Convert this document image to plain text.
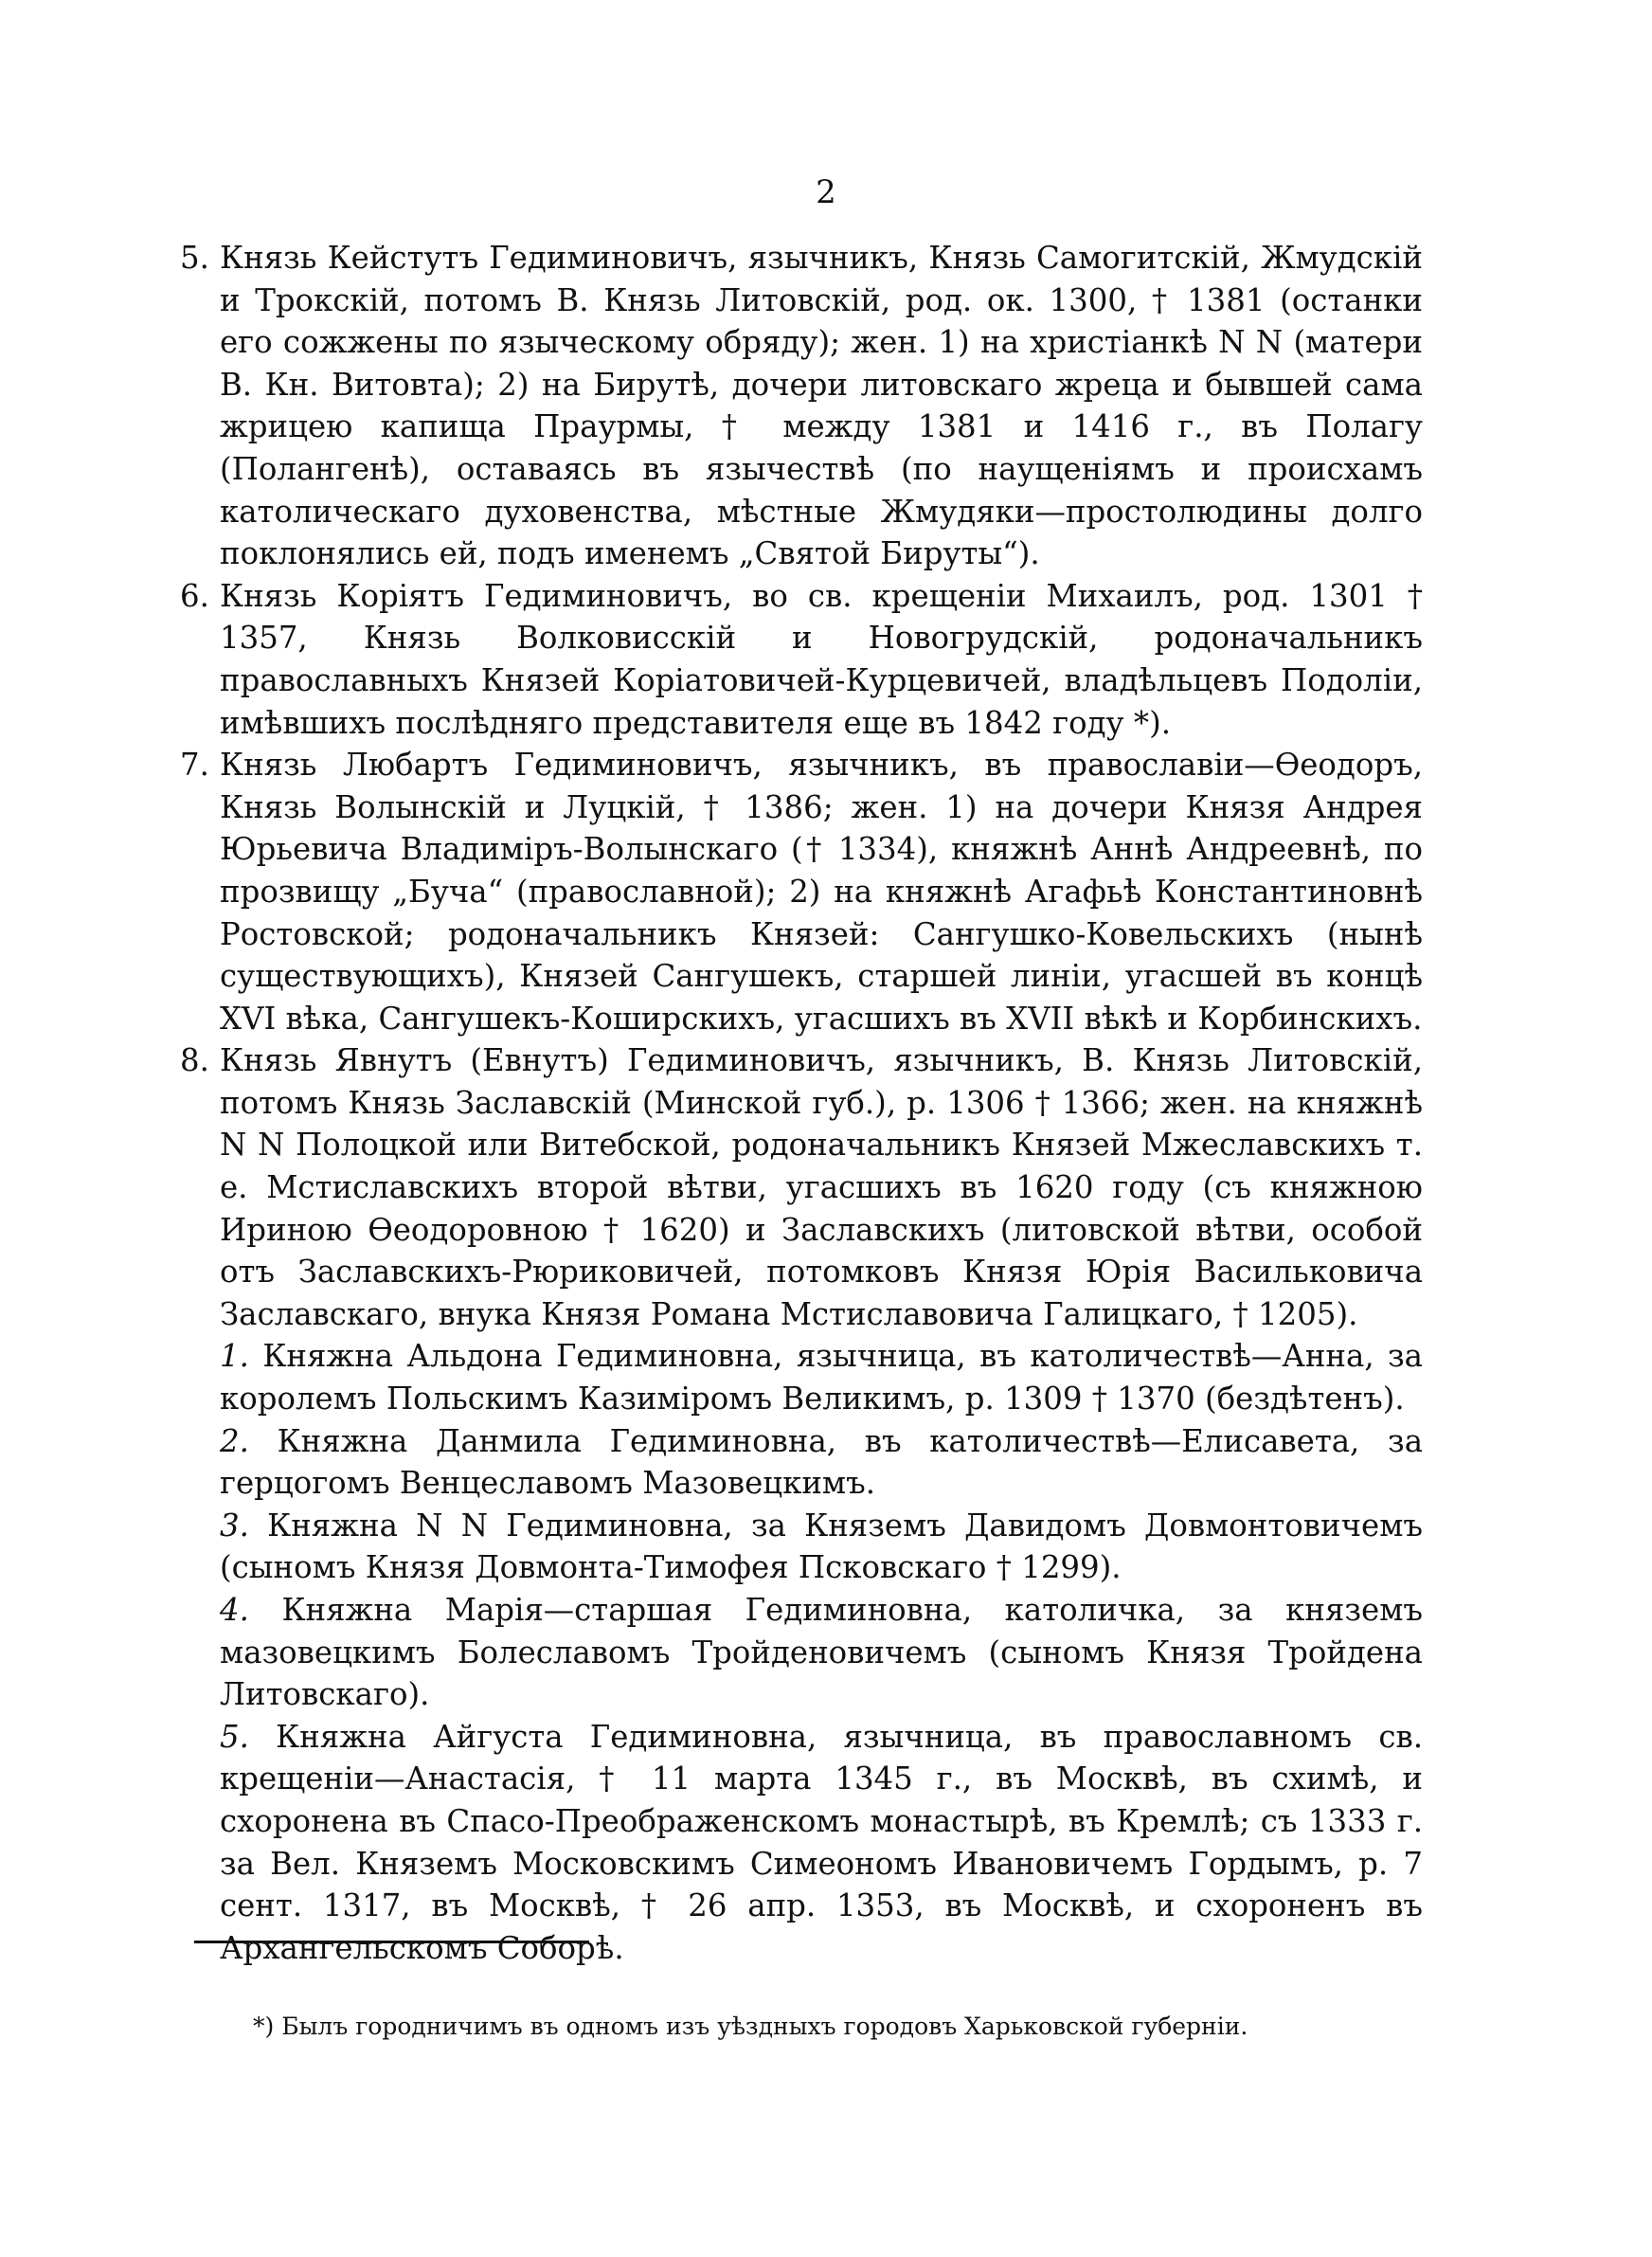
2
5. Князь Кейстутъ Гедиминовичъ, язычникъ, Князь Самогитскій, Жмудскій и Трокскій, потомъ В. Князь Литовскій, род. ок. 1300, † 1381 (останки его сожжены по языческому обряду); жен. 1) на христіанкѣ N N (матери В. Кн. Витовта); 2) на Бирутѣ, дочери литовскаго жреца и бывшей сама жрицею капища Праурмы, † между 1381 и 1416 г., въ Полагу (Полангенѣ), оставаясь въ язычествѣ (по наущеніямъ и происхамъ католическаго духовенства, мѣстные Жмудяки—простолюдины долго поклонялись ей, подъ именемъ „Святой Бируты“).
6. Князь Коріятъ Гедиминовичъ, во св. крещеніи Михаилъ, род. 1301 † 1357, Князь Волковисскій и Новогрудскій, родоначальникъ православныхъ Князей Коріатовичей-Курцевичей, владѣльцевъ Подоліи, имѣвшихъ послѣдняго представителя еще въ 1842 году *).
7. Князь Любартъ Гедиминовичъ, язычникъ, въ православіи—Ѳеодоръ, Князь Волынскій и Луцкій, † 1386; жен. 1) на дочери Князя Андрея Юрьевича Владиміръ-Волынскаго († 1334), княжнѣ Аннѣ Андреевнѣ, по прозвищу „Буча“ (православной); 2) на княжнѣ Агафьѣ Константиновнѣ Ростовской; родоначальникъ Князей: Сангушко-Ковельскихъ (нынѣ существующихъ), Князей Сангушекъ, старшей линіи, угасшей въ концѣ XVI вѣка, Сангушекъ-Кошиpскихъ, угасшихъ въ XVII вѣкѣ и Корбинскихъ.
8. Князь Явнутъ (Евнутъ) Гедиминовичъ, язычникъ, В. Князь Литовскій, потомъ Князь Заславскій (Минской губ.), р. 1306 † 1366; жен. на княжнѣ N N Полоцкой или Витебской, родоначальникъ Князей Мжеславскихъ т. е. Мстиславскихъ второй вѣтви, угасшихъ въ 1620 году (съ княжною Ириною Ѳеодоровною † 1620) и Заславскихъ (литовской вѣтви, особой отъ Заславскихъ-Рюриковичей, потомковъ Князя Юрія Васильковича Заславскаго, внука Князя Романа Мстиславовича Галицкаго, † 1205).
1. Княжна Альдона Гедиминовна, язычница, въ католичествѣ—Анна, за королемъ Польскимъ Казиміромъ Великимъ, р. 1309 † 1370 (бездѣтенъ).
2. Княжна Данмила Гедиминовна, въ католичествѣ—Елисавета, за герцогомъ Венцеславомъ Мазовецкимъ.
3. Княжна N N Гедиминовна, за Княземъ Давидомъ Довмонтовичемъ (сыномъ Князя Довмонта-Тимофея Псковскаго † 1299).
4. Княжна Марія—старшая Гедиминовна, католичка, за княземъ мазовецкимъ Болеславомъ Тройденовичемъ (сыномъ Князя Тройдена Литовскаго).
5. Княжна Айгуста Гедиминовна, язычница, въ православномъ св. крещеніи—Анастасія, † 11 марта 1345 г., въ Москвѣ, въ схимѣ, и схоронена въ Спасо-Преображенскомъ монастырѣ, въ Кремлѣ; съ 1333 г. за Вел. Княземъ Московскимъ Симеономъ Ивановичемъ Гордымъ, р. 7 сент. 1317, въ Москвѣ, † 26 апр. 1353, въ Москвѣ, и схороненъ въ Архангельскомъ Соборѣ.
*) Былъ городничимъ въ одномъ изъ уѣздныхъ городовъ Харьковской губерніи.
